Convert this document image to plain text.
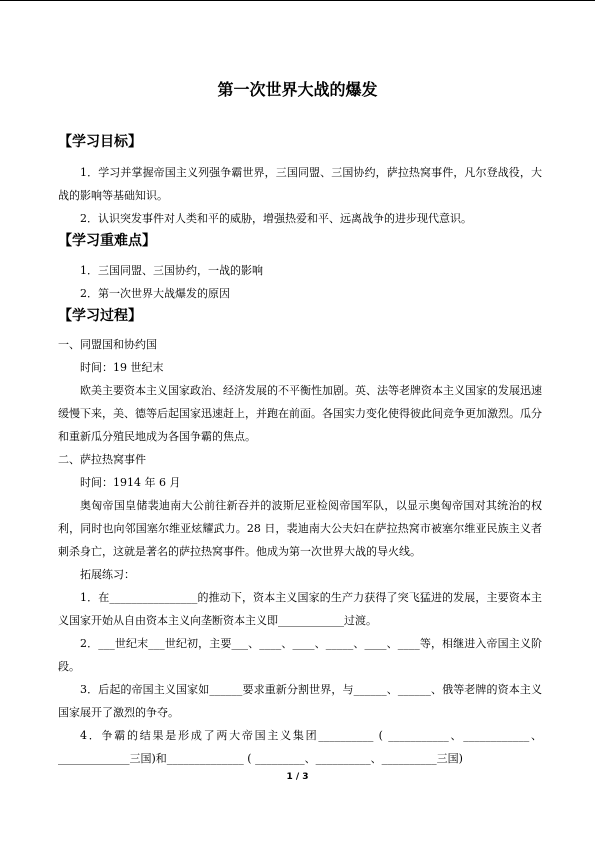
第一次世界大战的爆发
【学习目标】
1．学习并掌握帝国主义列强争霸世界，三国同盟、三国协约，萨拉热窝事件，凡尔登战役，大战的影响等基础知识。
2．认识突发事件对人类和平的威胁，增强热爱和平、远离战争的进步现代意识。
【学习重难点】
1．三国同盟、三国协约，一战的影响
2．第一次世界大战爆发的原因
【学习过程】
一、同盟国和协约国
时间：19 世纪末
欧美主要资本主义国家政治、经济发展的不平衡性加剧。英、法等老牌资本主义国家的发展迅速缓慢下来，美、德等后起国家迅速赶上，并跑在前面。各国实力变化使得彼此间竞争更加激烈。瓜分和重新瓜分殖民地成为各国争霸的焦点。
二、萨拉热窝事件
时间：1914 年 6 月
奥匈帝国皇储裴迪南大公前往新吞并的波斯尼亚检阅帝国军队，以显示奥匈帝国对其统治的权利，同时也向邻国塞尔维亚炫耀武力。28 日，裴迪南大公夫妇在萨拉热窝市被塞尔维亚民族主义者刺杀身亡，这就是著名的萨拉热窝事件。他成为第一次世界大战的导火线。
拓展练习：
1．在________________的推动下，资本主义国家的生产力获得了突飞猛进的发展，主要资本主义国家开始从自由资本主义向垄断资本主义即____________过渡。
2．___世纪末___世纪初，主要___、____、____、_____、____、____等，相继进入帝国主义阶段。
3．后起的帝国主义国家如______要求重新分割世界，与______、______、俄等老牌的资本主义国家展开了激烈的争夺。
4．争霸的结果是形成了两大帝国主义集团__________ ( ___________、____________、_____________三国)和______________ ( _________、__________、__________三国)
1 / 3
